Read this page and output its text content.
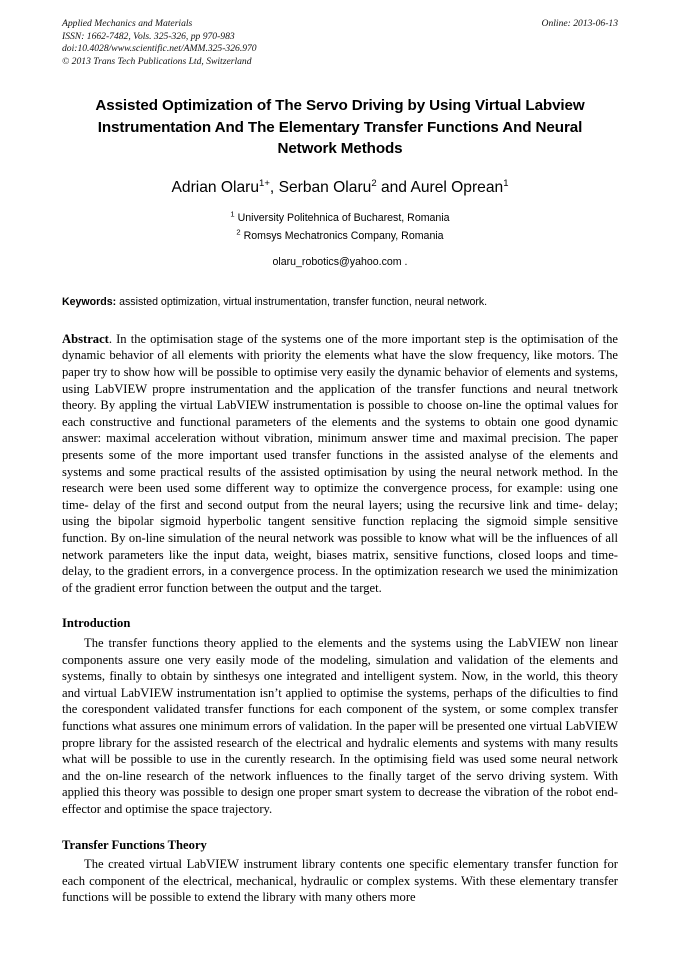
Applied Mechanics and Materials
ISSN: 1662-7482, Vols. 325-326, pp 970-983
doi:10.4028/www.scientific.net/AMM.325-326.970
© 2013 Trans Tech Publications Ltd, Switzerland
Online: 2013-06-13
Assisted Optimization of The Servo Driving by Using Virtual Labview Instrumentation And The Elementary Transfer Functions And Neural Network Methods
Adrian Olaru$^{1+}$, Serban Olaru$^2$ and Aurel Oprean$^1$
$^1$ University Politehnica of Bucharest, Romania
$^2$ Romsys Mechatronics Company, Romania
olaru_robotics@yahoo.com .
Keywords: assisted optimization, virtual instrumentation, transfer function, neural network.
Abstract. In the optimisation stage of the systems one of the more important step is the optimisation of the dynamic behavior of all elements with priority the elements what have the slow frequency, like motors. The paper try to show how will be possible to optimise very easily the dynamic behavior of elements and systems, using LabVIEW propre instrumentation and the application of the transfer functions and neural tnetwork theory. By appling the virtual LabVIEW instrumentation is possible to choose on-line the optimal values for each constructive and functional parameters of the elements and the systems to obtain one good dynamic answer: maximal acceleration without vibration, minimum answer time and maximal precision. The paper presents some of the more important used transfer functions in the assisted analyse of the elements and systems and some practical results of the assisted optimisation by using the neural network method. In the research were been used some different way to optimize the convergence process, for example: using one time- delay of the first and second output from the neural layers; using the recursive link and time- delay; using the bipolar sigmoid hyperbolic tangent sensitive function replacing the sigmoid simple sensitive function. By on-line simulation of the neural network was possible to know what will be the influences of all network parameters like the input data, weight, biases matrix, sensitive functions, closed loops and time- delay, to the gradient errors, in a convergence process. In the optimization research we used the minimization of the gradient error function between the output and the target.
Introduction
The transfer functions theory applied to the elements and the systems using the LabVIEW non linear components assure one very easily mode of the modeling, simulation and validation of the elements and systems, finally to obtain by sinthesys one integrated and intelligent system. Now, in the world, this theory and virtual LabVIEW instrumentation isn’t applied to optimise the systems, perhaps of the dificulties to find the corespondent validated transfer functions for each component of the system, or some complex transfer functions what assures one minimum errors of validation. In the paper will be presented one virtual LabVIEW propre library for the assisted research of the electrical and hydralic elements and systems with many results what will be possible to use in the curently research. In the optimising field was used some neural network and the on-line research of the network influences to the finally target of the servo driving system. With applied this theory was possible to design one proper smart system to decrease the vibration of the robot end-effector and optimise the space trajectory.
Transfer Functions Theory
The created virtual LabVIEW instrument library contents one specific elementary transfer function for each component of the electrical, mechanical, hydraulic or complex systems. With these elementary transfer functions will be possible to extend the library with many others more
